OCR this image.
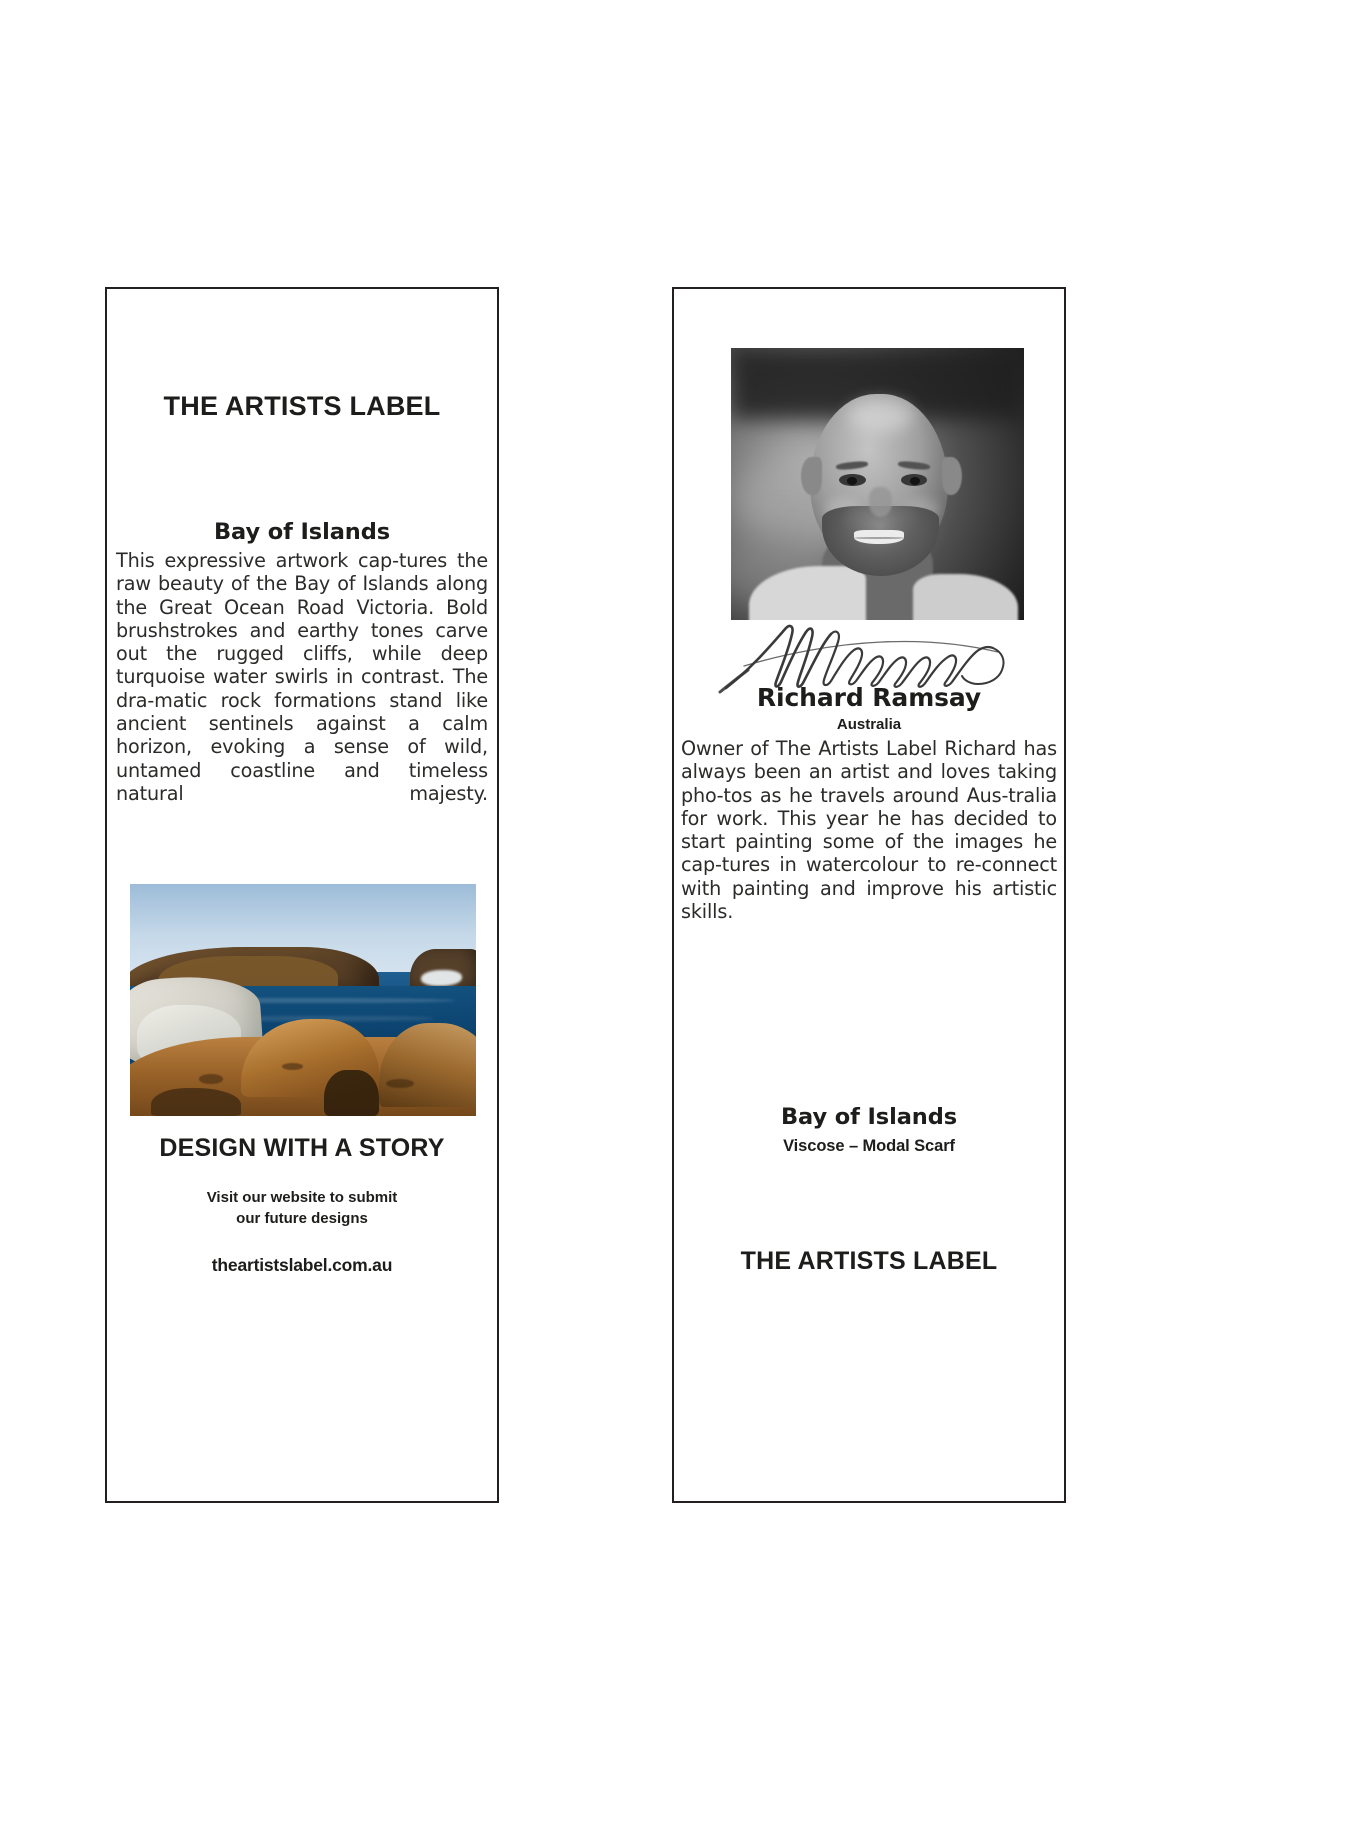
THE ARTISTS LABEL
Bay of Islands
This expressive artwork cap‑tures the raw beauty of the Bay of Islands along the Great Ocean Road Victoria. Bold brushstrokes and earthy tones carve out the rugged cliffs, while deep turquoise water swirls in contrast. The dra‑matic rock formations stand like ancient sentinels against a calm horizon, evoking a sense of wild, untamed coastline and timeless natural majesty.
DESIGN WITH A STORY
Visit our website to submit
our future designs
theartistslabel.com.au
Richard Ramsay
Australia
Owner of The Artists Label Richard has always been an artist and loves taking pho‑tos as he travels around Aus‑tralia for work. This year he has decided to start painting some of the images he cap‑tures in watercolour to re‑connect with painting and improve his artistic skills.
Bay of Islands
Viscose – Modal Scarf
THE ARTISTS LABEL
